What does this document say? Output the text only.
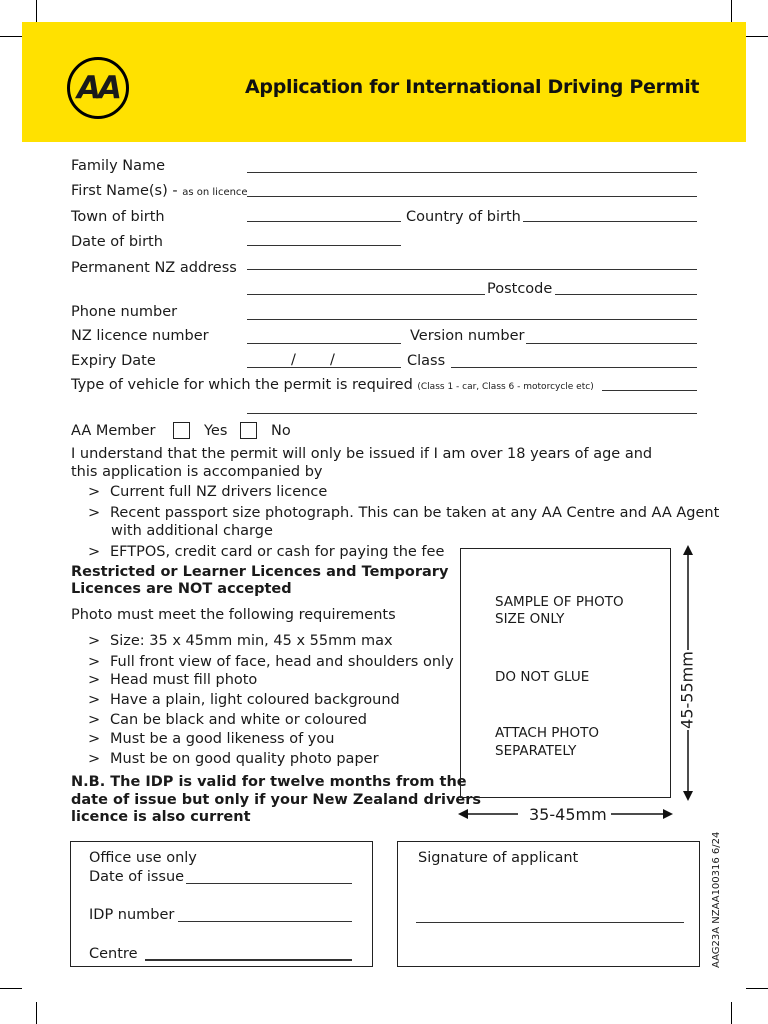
AA	Application for International Driving Permit
Family Name
First Name(s) - as on licence
Town of birth	Country of birth
Date of birth
Permanent NZ address
Postcode
Phone number
NZ licence number	Version number
Expiry Date	/ /	Class
Type of vehicle for which the permit is required (Class 1 - car, Class 6 - motorcycle etc)
AA Member	Yes	No
I understand that the permit will only be issued if I am over 18 years of age and this application is accompanied by
> Current full NZ drivers licence
> Recent passport size photograph. This can be taken at any AA Centre and AA Agent
with additional charge
> EFTPOS, credit card or cash for paying the fee
Restricted or Learner Licences and Temporary
Licences are NOT accepted
Photo must meet the following requirements
> Size: 35 x 45mm min, 45 x 55mm max
> Full front view of face, head and shoulders only
> Head must fill photo
> Have a plain, light coloured background
> Can be black and white or coloured
> Must be a good likeness of you
> Must be on good quality photo paper
N.B. The IDP is valid for twelve months from the
date of issue but only if your New Zealand drivers
licence is also current
SAMPLE OF PHOTO
SIZE ONLY
DO NOT GLUE
ATTACH PHOTO
SEPARATELY
45-55mm
35-45mm
Office use only
Date of issue
IDP number
Centre
Signature of applicant	AAG23A NZAA100316 6/24
